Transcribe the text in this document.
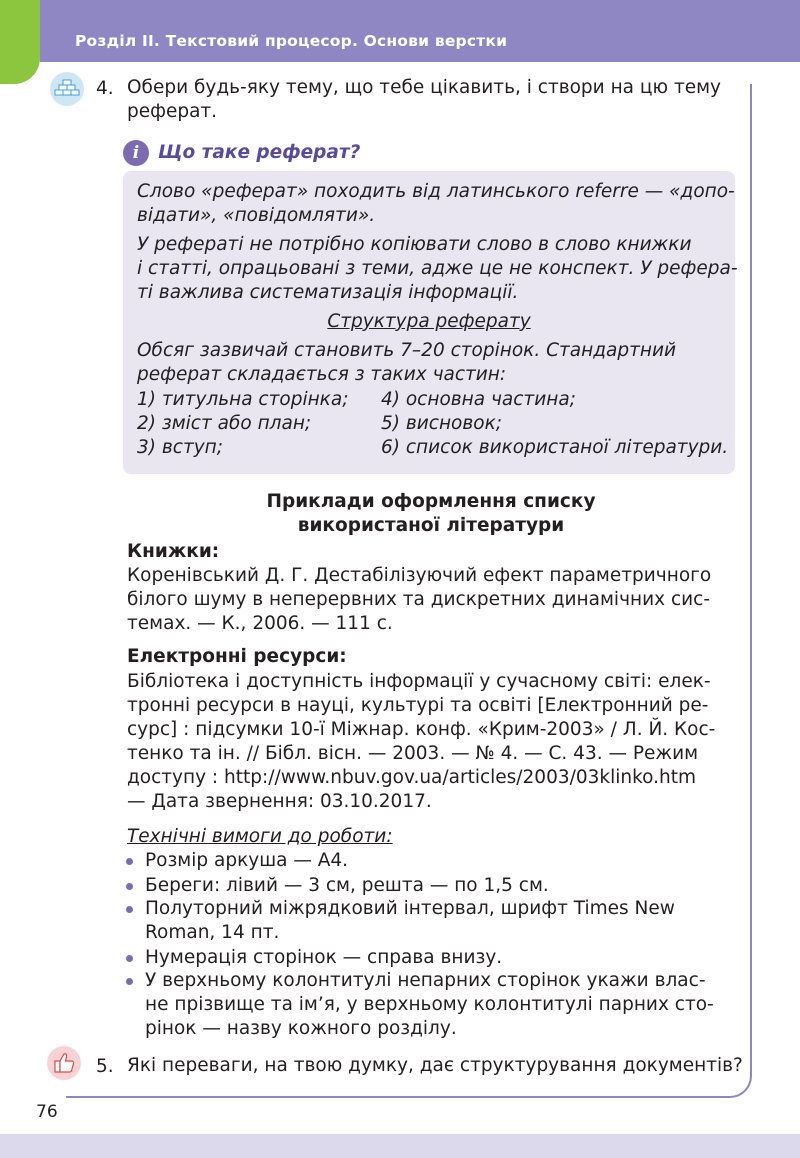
Розділ ІІ. Текстовий процесор. Основи верстки
4. Обери будь-яку тему, що тебе цікавить, і створи на цю тему
реферат.
i	Що таке реферат?
Слово «реферат» походить від латинського referre — «допо-
відати», «повідомляти».
У рефераті не потрібно копіювати слово в слово книжки
і статті, опрацьовані з теми, адже це не конспект. У рефера-
ті важлива систематизація інформації.
Структура реферату
Обсяг зазвичай становить 7–20 сторінок. Стандартний
реферат складається з таких частин:
1) титульна сторінка;
2) зміст або план;
3) вступ;
4) основна частина;
5) висновок;
6) список використаної літератури.
Приклади оформлення списку
використаної літератури
Книжки:
Коренівський Д. Г. Дестабілізуючий ефект параметричного
білого шуму в неперервних та дискретних динамічних сис-
темах. — К., 2006. — 111 с.
Електронні ресурси:
Бібліотека і доступність інформації у сучасному світі: елек-
тронні ресурси в науці, культурі та освіті [Електронний ре-
сурс] : підсумки 10-ї Міжнар. конф. «Крим-2003» / Л. Й. Кос-
тенко та ін. // Бібл. вісн. — 2003. — № 4. — С. 43. — Режим
доступу : http://www.nbuv.gov.ua/articles/2003/03klinko.htm
— Дата звернення: 03.10.2017.
Технічні вимоги до роботи:
Розмір аркуша — А4.
Береги: лівий — 3 см, решта — по 1,5 см.
Полуторний міжрядковий інтервал, шрифт Times New
Roman, 14 пт.
Нумерація сторінок — справа внизу.
У верхньому колонтитулі непарних сторінок укажи влас-
не прізвище та ім’я, у верхньому колонтитулі парних сто-
рінок — назву кожного розділу.
5. Які переваги, на твою думку, дає структурування документів?
76
